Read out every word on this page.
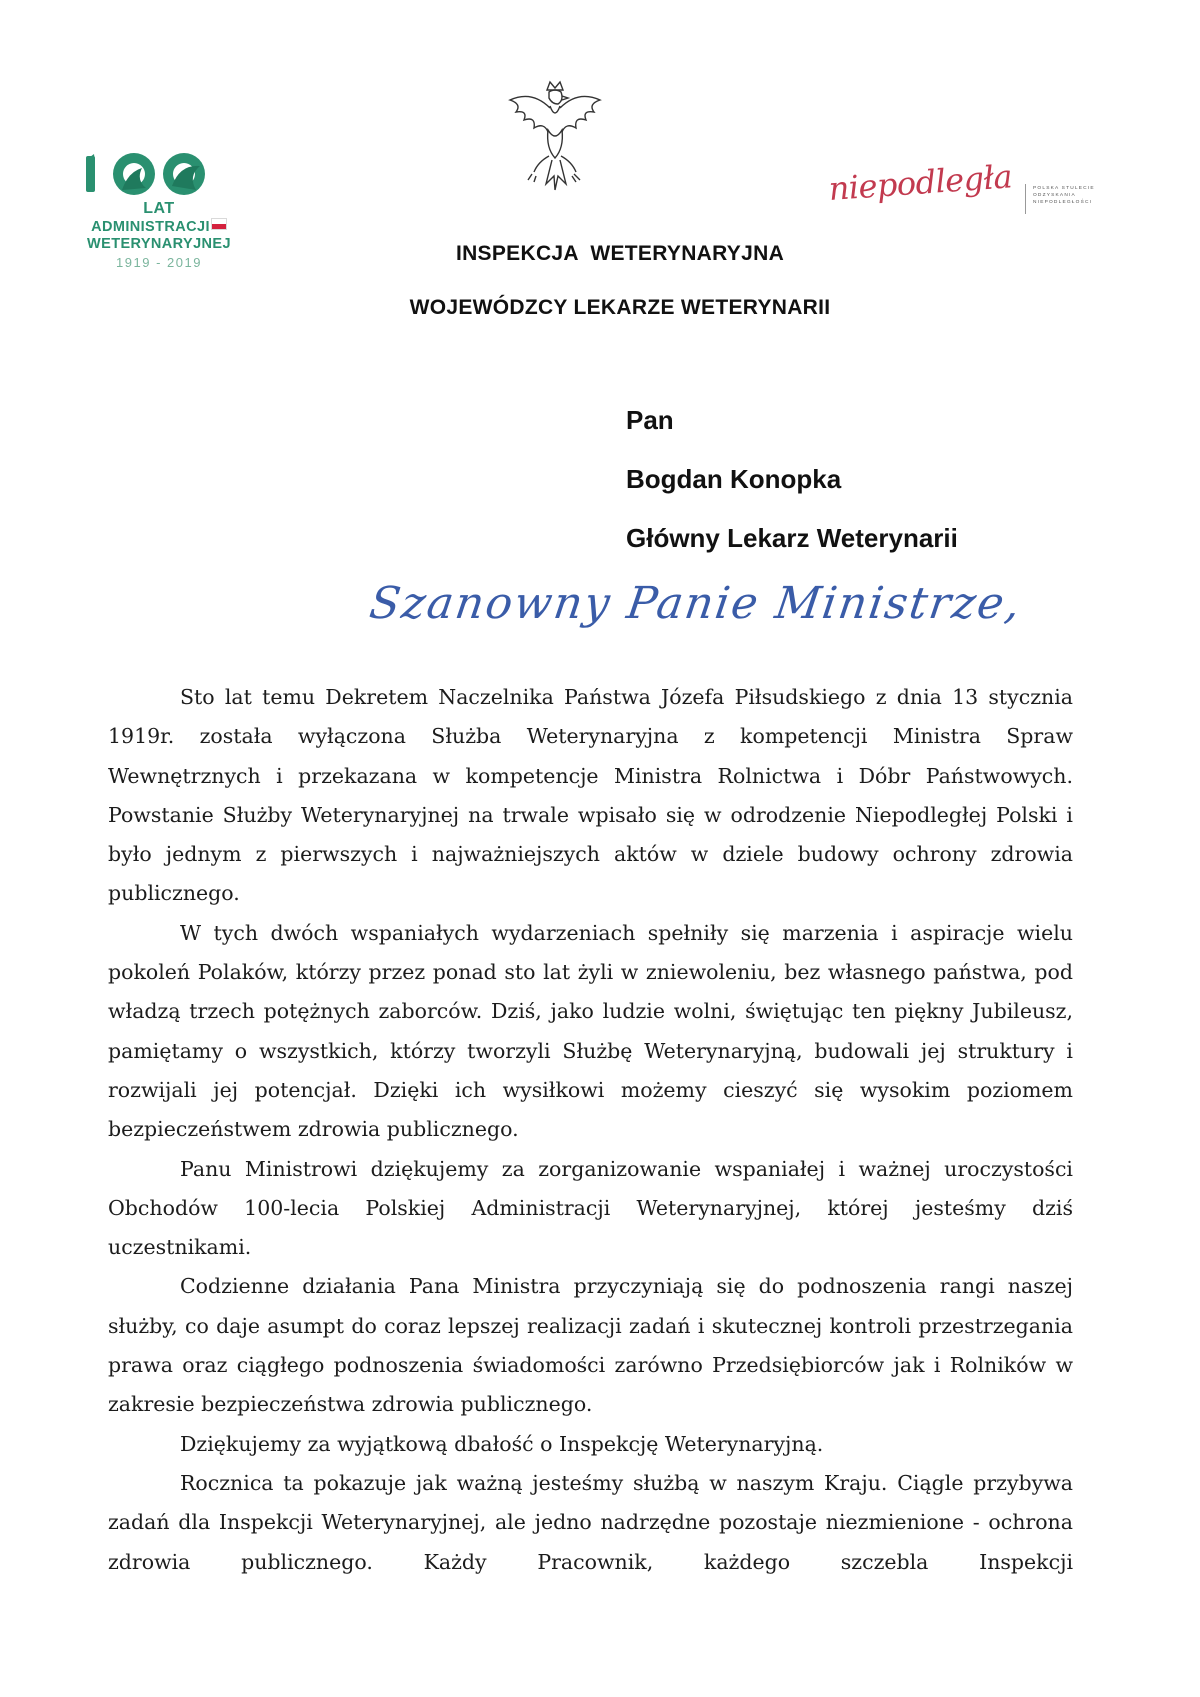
LAT
ADMINISTRACJI
WETERYNARYJNEJ
1919 - 2019
niepodległa	POLSKA STULECIE ODZYSKANIA NIEPODLEGŁOŚCI
INSPEKCJA  WETERYNARYJNA
WOJEWÓDZCY LEKARZE WETERYNARII
Pan
Bogdan Konopka
Główny Lekarz Weterynarii
Szanowny Panie Ministrze,

Sto lat temu Dekretem Naczelnika Państwa Józefa Piłsudskiego z dnia 13 stycznia 1919r. została wyłączona Służba Weterynaryjna z kompetencji Ministra Spraw Wewnętrznych i przekazana w kompetencje Ministra Rolnictwa i Dóbr Państwowych. Powstanie Służby Weterynaryjnej na trwale wpisało się w odrodzenie Niepodległej Polski i było jednym z pierwszych i najważniejszych aktów w dziele budowy ochrony zdrowia publicznego.

W tych dwóch wspaniałych wydarzeniach spełniły się marzenia i aspiracje wielu pokoleń Polaków, którzy przez ponad sto lat żyli w zniewoleniu, bez własnego państwa, pod władzą trzech potężnych zaborców. Dziś, jako ludzie wolni, świętując ten piękny Jubileusz, pamiętamy o wszystkich, którzy tworzyli Służbę Weterynaryjną, budowali jej struktury i rozwijali jej potencjał. Dzięki ich wysiłkowi możemy cieszyć się wysokim poziomem bezpieczeństwem zdrowia publicznego.

Panu Ministrowi dziękujemy za zorganizowanie wspaniałej i ważnej uroczystości Obchodów 100-lecia Polskiej Administracji Weterynaryjnej, której jesteśmy dziś uczestnikami.

Codzienne działania Pana Ministra przyczyniają się do podnoszenia rangi naszej służby, co daje asumpt do coraz lepszej realizacji zadań i skutecznej kontroli przestrzegania prawa oraz ciągłego podnoszenia świadomości zarówno Przedsiębiorców jak i Rolników w zakresie bezpieczeństwa zdrowia publicznego.

Dziękujemy za wyjątkową dbałość o Inspekcję Weterynaryjną.

Rocznica ta pokazuje jak ważną jesteśmy służbą w naszym Kraju. Ciągle przybywa zadań dla Inspekcji Weterynaryjnej, ale jedno nadrzędne pozostaje niezmienione - ochrona zdrowia publicznego. Każdy Pracownik, każdego szczebla Inspekcji
